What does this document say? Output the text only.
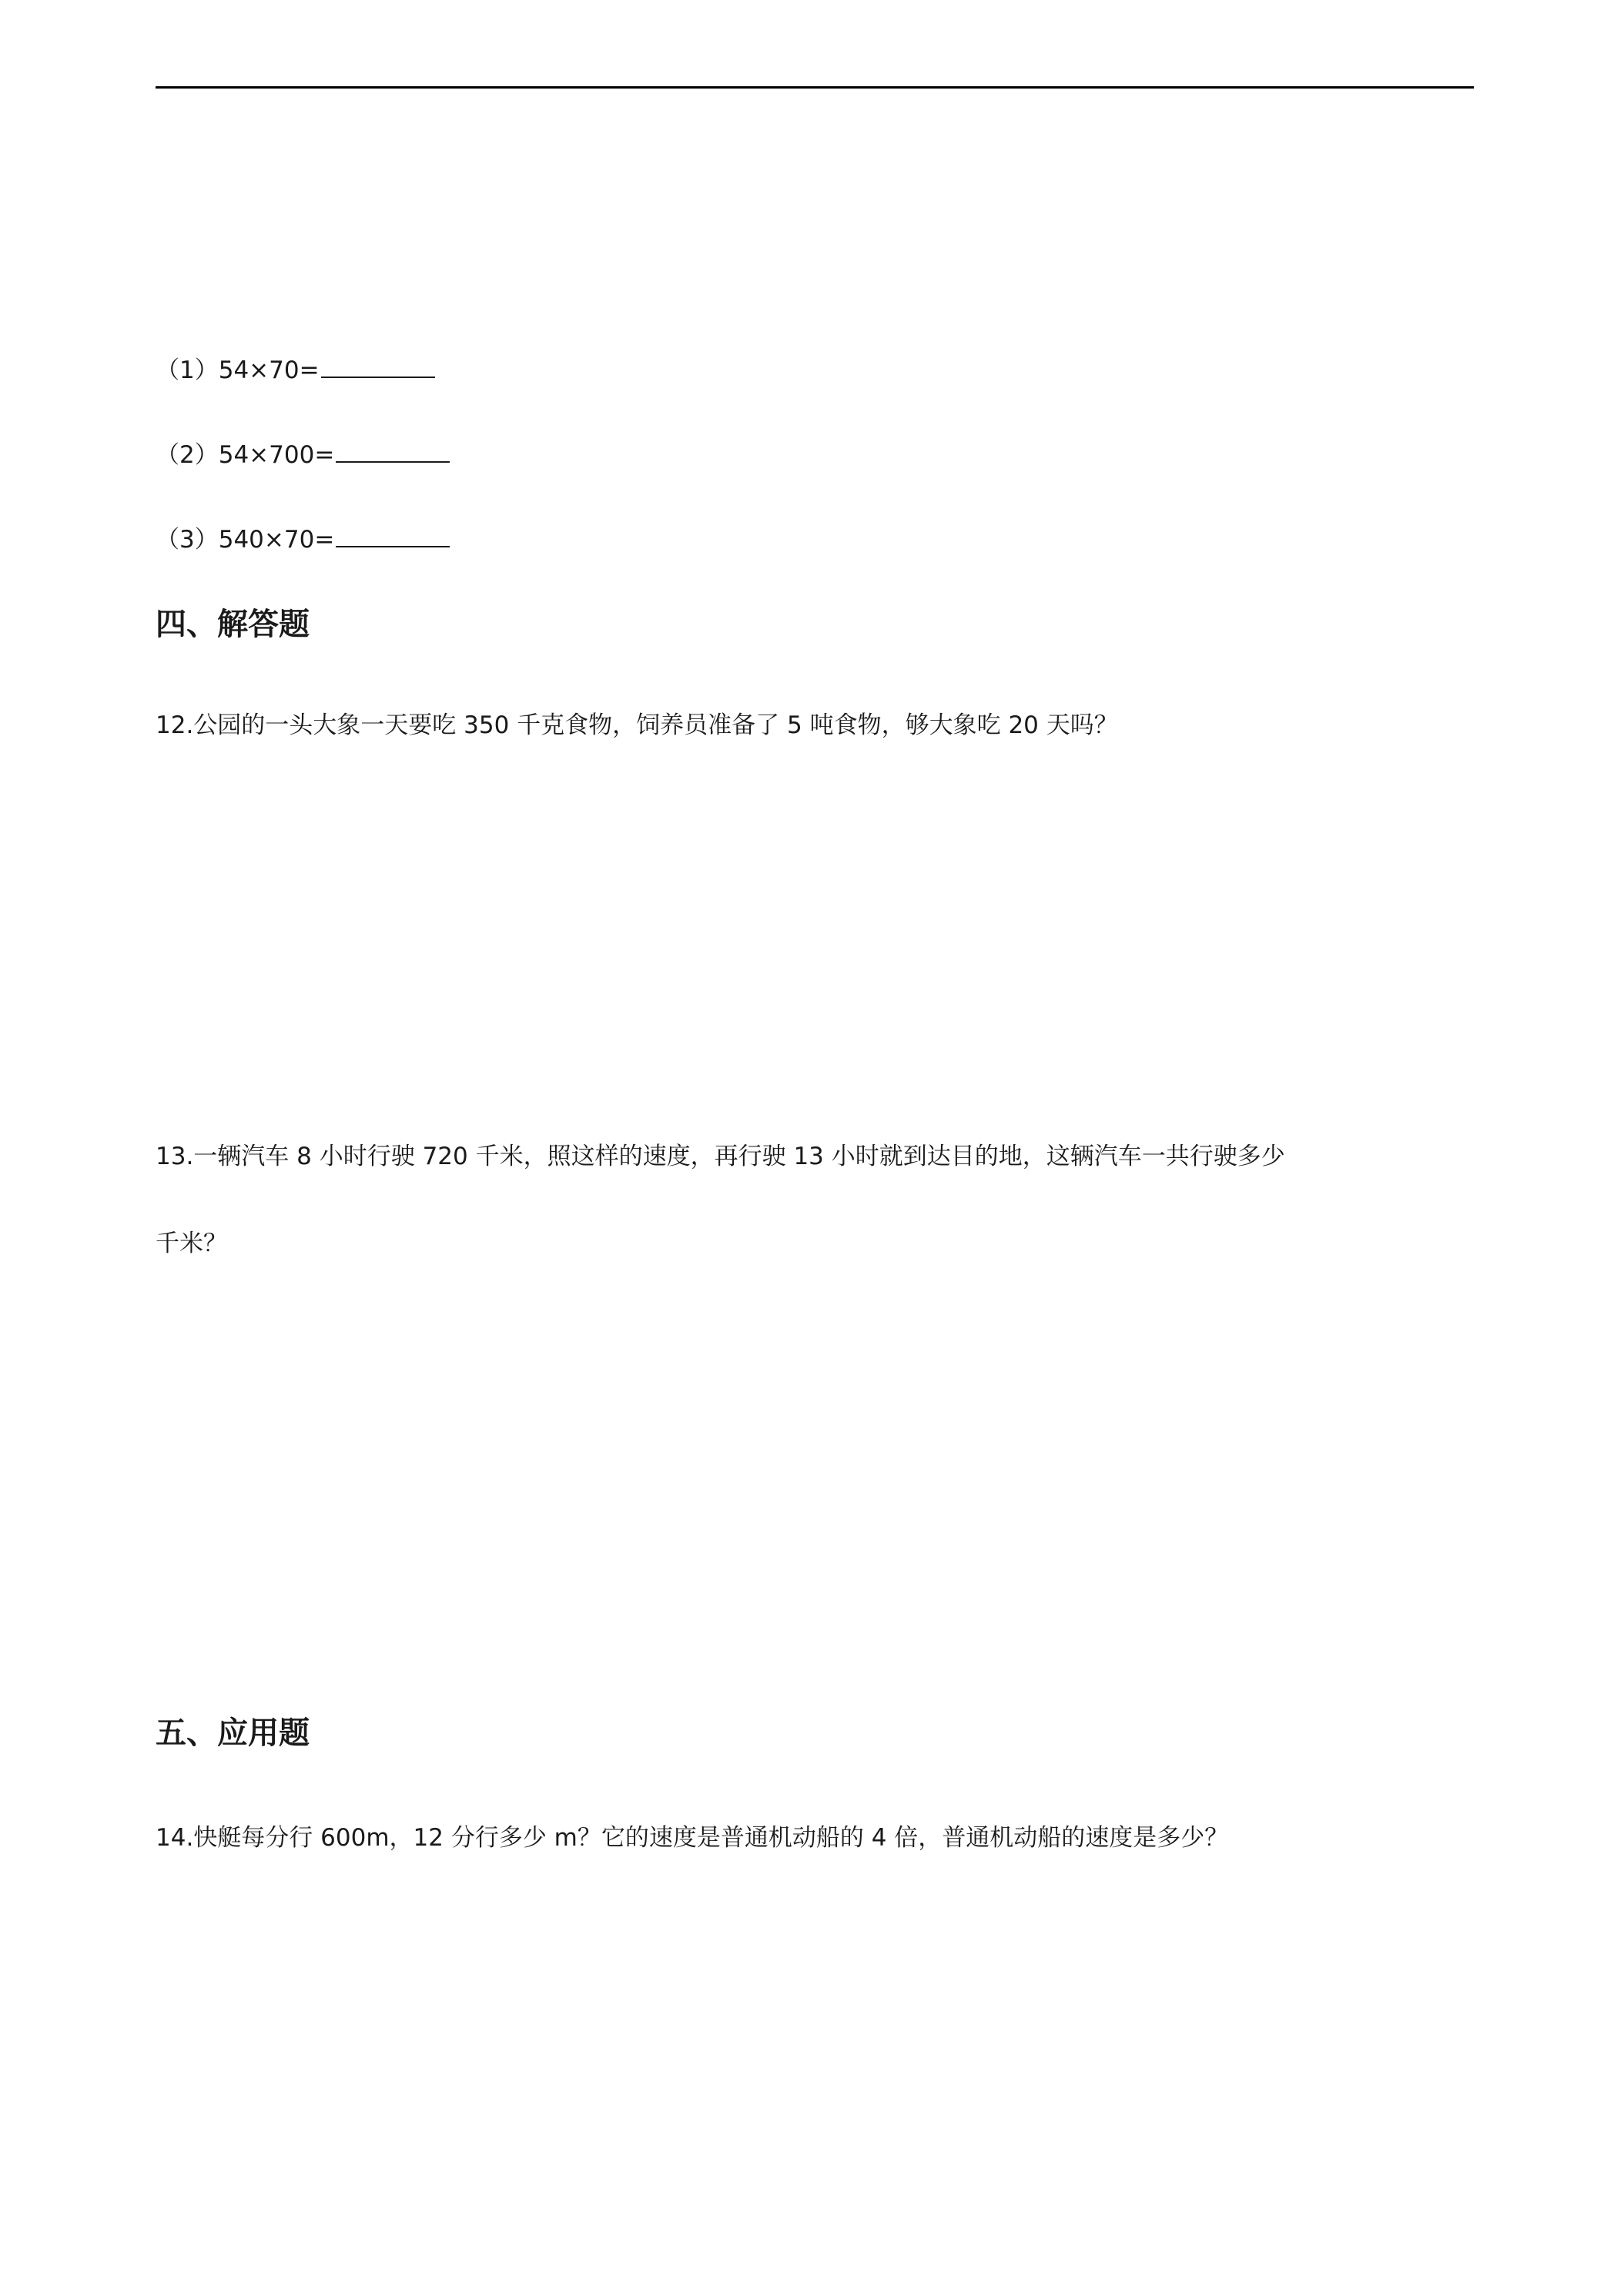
（1）54×70=
（2）54×700=
（3）540×70=
四、解答题
12.公园的一头大象一天要吃 350 千克食物，饲养员准备了 5 吨食物，够大象吃 20 天吗？
13.一辆汽车 8 小时行驶 720 千米，照这样的速度，再行驶 13 小时就到达目的地，这辆汽车一共行驶多少
千米？
五、应用题
14.快艇每分行 600m，12 分行多少 m？它的速度是普通机动船的 4 倍，普通机动船的速度是多少？
